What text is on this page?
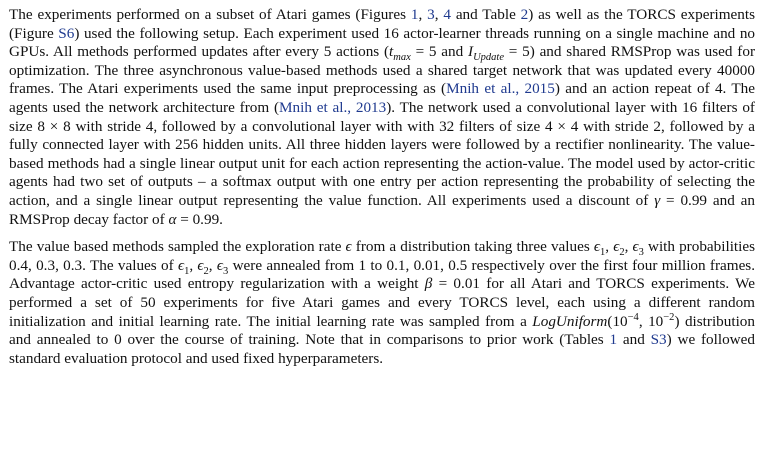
The experiments performed on a subset of Atari games (Figures 1, 3, 4 and Table 2) as well as the TORCS experiments (Figure S6) used the following setup. Each experiment used 16 actor-learner threads running on a single machine and no GPUs. All methods performed updates after every 5 actions ($t_{max} = 5$ and $I_{Update} = 5$) and shared RMSProp was used for optimization. The three asynchronous value-based methods used a shared target network that was updated every 40000 frames. The Atari experiments used the same input preprocessing as (Mnih et al., 2015) and an action repeat of 4. The agents used the network architecture from (Mnih et al., 2013). The network used a convolutional layer with 16 filters of size 8 × 8 with stride 4, followed by a convolutional layer with with 32 filters of size 4 × 4 with stride 2, followed by a fully connected layer with 256 hidden units. All three hidden layers were followed by a rectifier nonlinearity. The value-based methods had a single linear output unit for each action representing the action-value. The model used by actor-critic agents had two set of outputs – a softmax output with one entry per action representing the probability of selecting the action, and a single linear output representing the value function. All experiments used a discount of γ = 0.99 and an RMSProp decay factor of α = 0.99.

The value based methods sampled the exploration rate ϵ from a distribution taking three values $\epsilon_1$, $\epsilon_2$, $\epsilon_3$ with probabilities 0.4, 0.3, 0.3. The values of $\epsilon_1$, $\epsilon_2$, $\epsilon_3$ were annealed from 1 to 0.1, 0.01, 0.5 respectively over the first four million frames. Advantage actor-critic used entropy regularization with a weight β = 0.01 for all Atari and TORCS experiments. We performed a set of 50 experiments for five Atari games and every TORCS level, each using a different random initialization and initial learning rate. The initial learning rate was sampled from a $LogUniform(10^{-4}$, $10^{-2}$) distribution and annealed to 0 over the course of training. Note that in comparisons to prior work (Tables 1 and S3) we followed standard evaluation protocol and used fixed hyperparameters.
